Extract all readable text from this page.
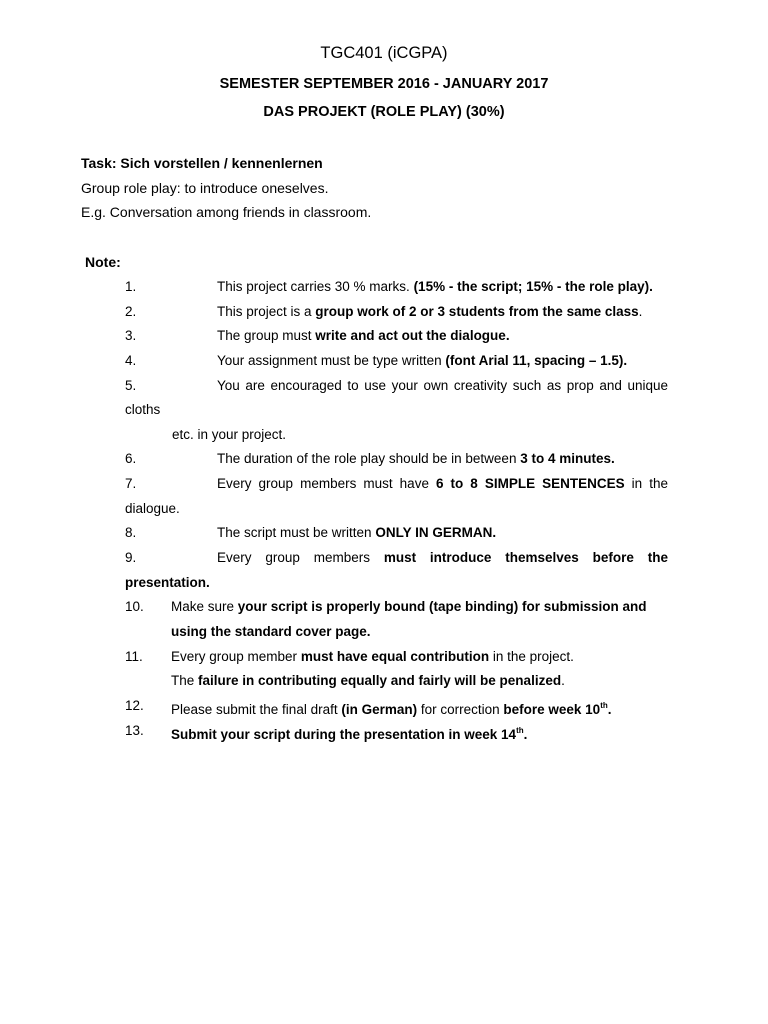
TGC401 (iCGPA)
SEMESTER SEPTEMBER 2016 - JANUARY 2017
DAS PROJEKT (ROLE PLAY) (30%)
Task: Sich vorstellen / kennenlernen
Group role play: to introduce oneselves.
E.g. Conversation among friends in classroom.
Note:
1.	This project carries 30 % marks. (15% - the script; 15% - the role play).
2.	This project is a group work of 2 or 3 students from the same class.
3.	The group must write and act out the dialogue.
4.	Your assignment must be type written (font Arial 11, spacing – 1.5).
5.	You are encouraged to use your own creativity such as prop and unique
cloths
etc. in your project.
6.	The duration of the role play should be in between 3 to 4 minutes.
7.	Every group members must have 6 to 8 SIMPLE SENTENCES in the
dialogue.
8.	The script must be written ONLY IN GERMAN.
9.	Every group members must introduce themselves before the
presentation.
10. Make sure your script is properly bound (tape binding) for submission and
using the standard cover page.
11. Every group member must have equal contribution in the project.
The failure in contributing equally and fairly will be penalized.
12. Please submit the final draft (in German) for correction before week 10th.
13. Submit your script during the presentation in week 14th.
